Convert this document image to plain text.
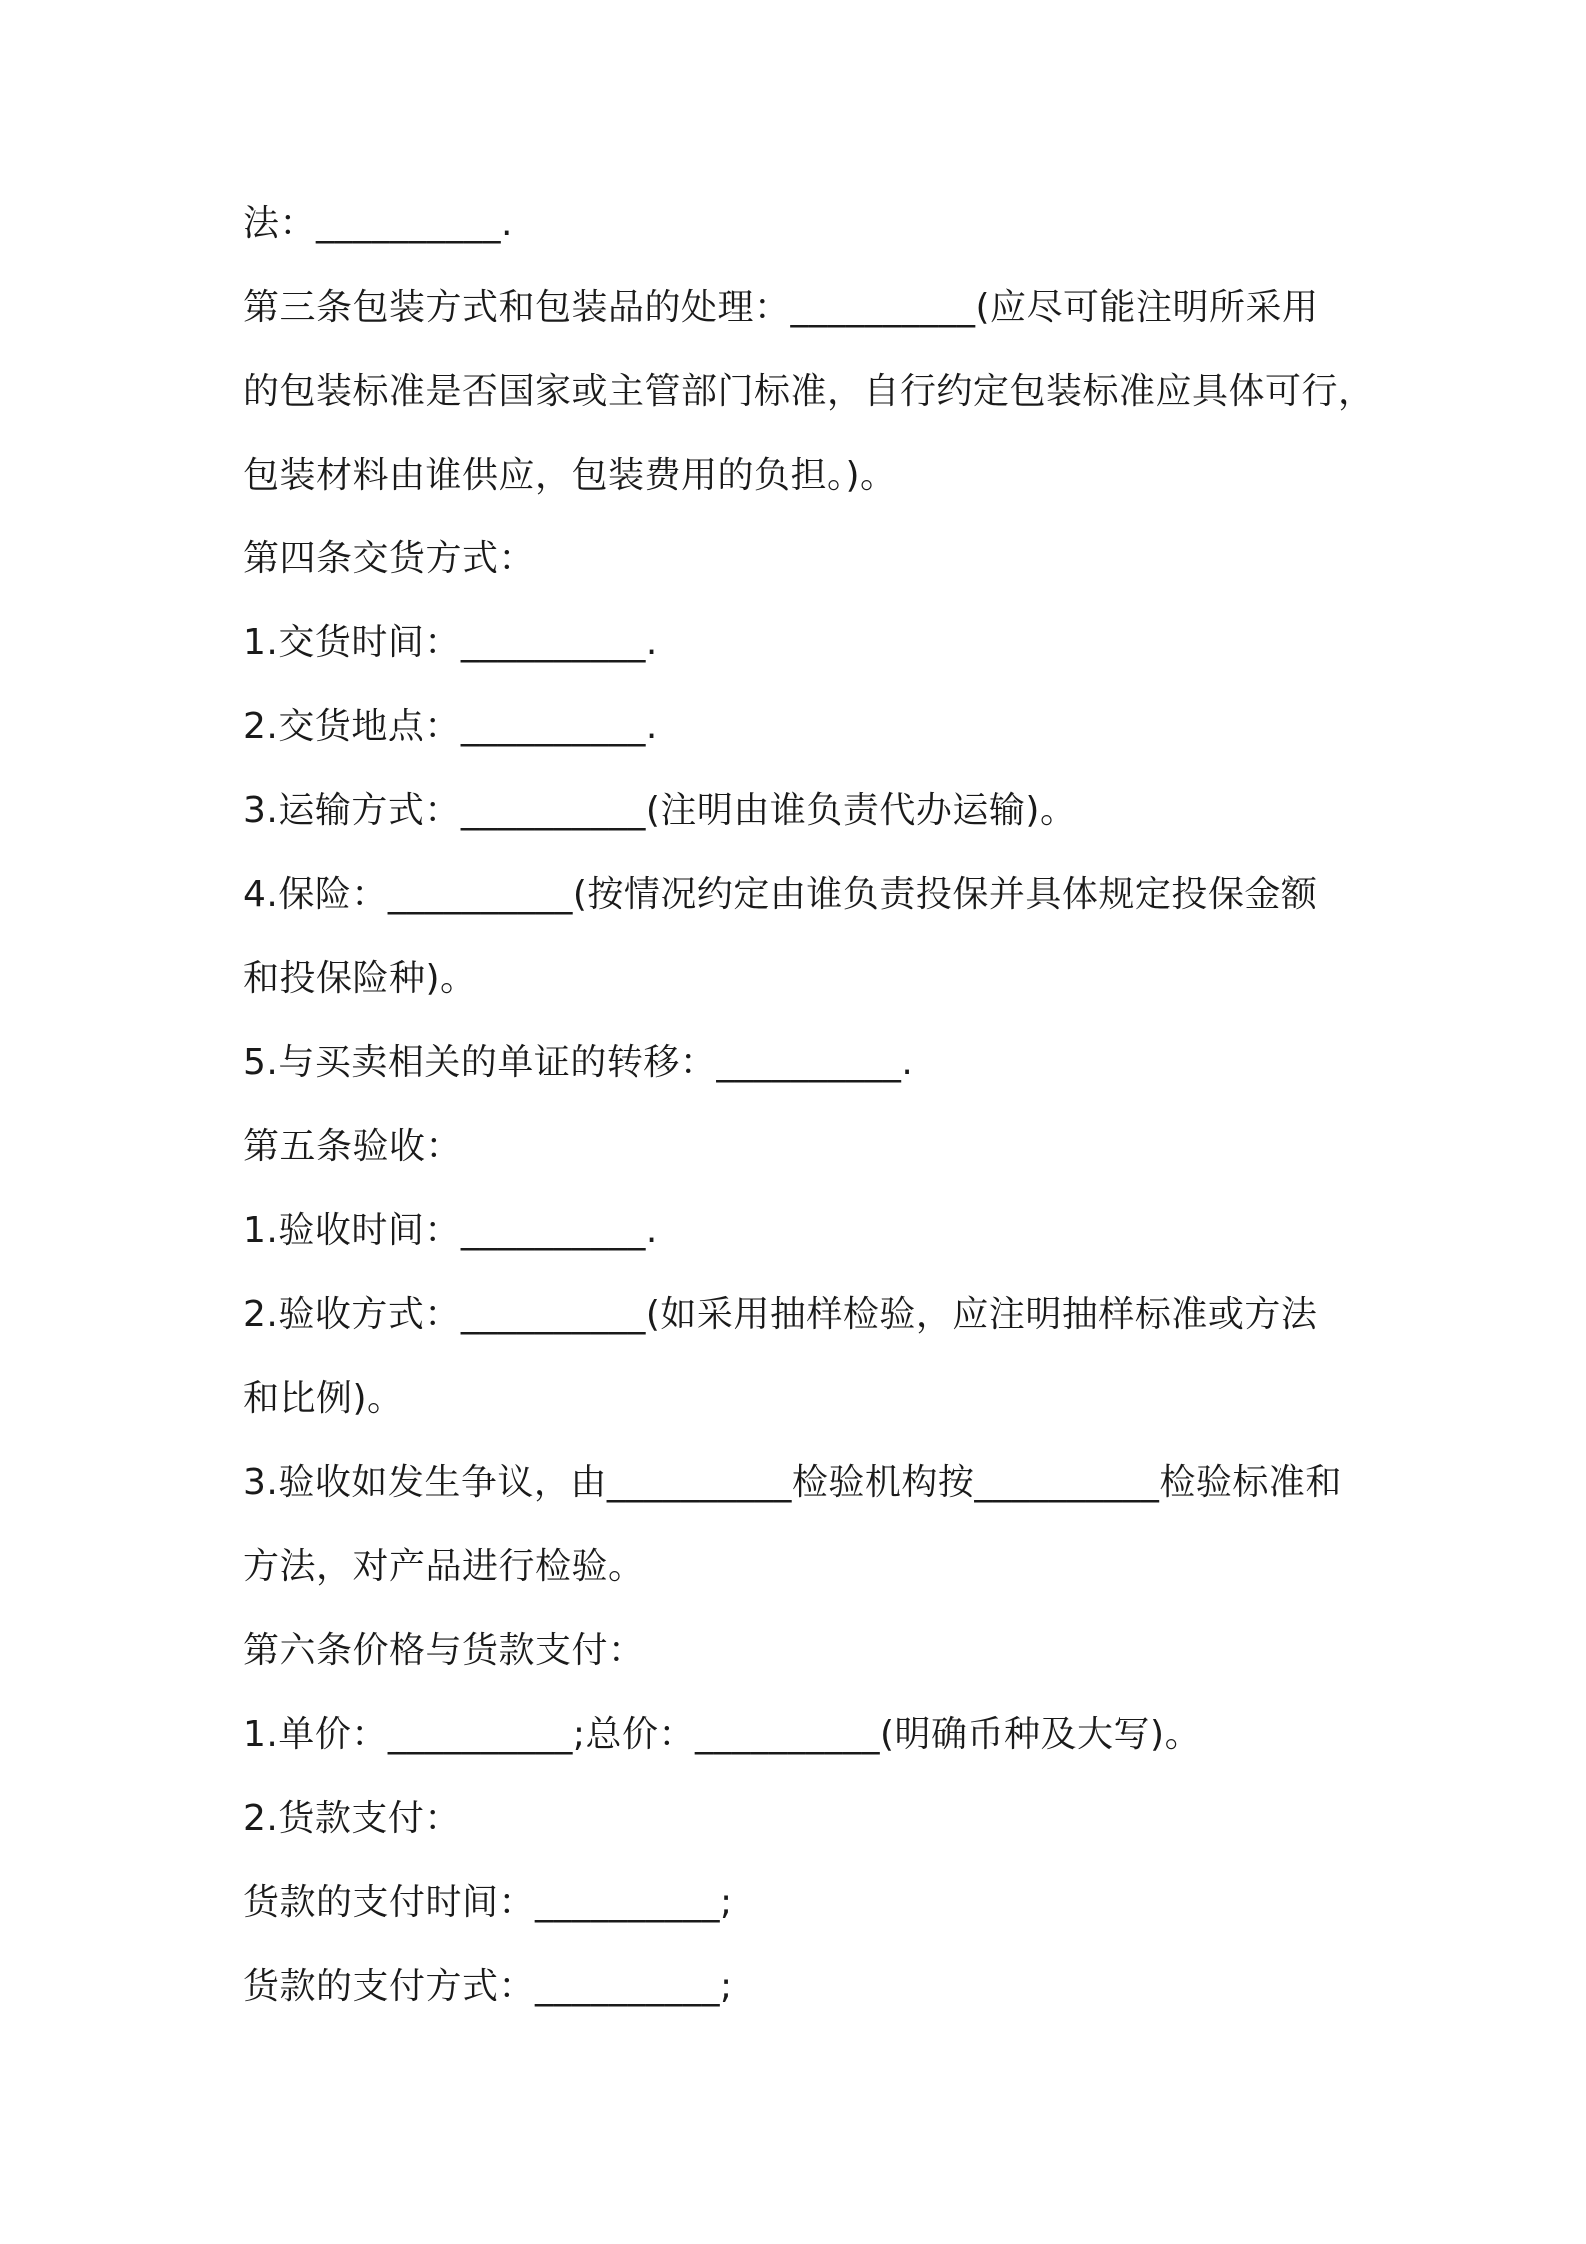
法：__________.
第三条包装方式和包装品的处理：__________(应尽可能注明所采用
的包装标准是否国家或主管部门标准，自行约定包装标准应具体可行，
包装材料由谁供应，包装费用的负担。)。
第四条交货方式：
1.交货时间：__________.
2.交货地点：__________.
3.运输方式：__________(注明由谁负责代办运输)。
4.保险：__________(按情况约定由谁负责投保并具体规定投保金额
和投保险种)。
5.与买卖相关的单证的转移：__________.
第五条验收：
1.验收时间：__________.
2.验收方式：__________(如采用抽样检验，应注明抽样标准或方法
和比例)。
3.验收如发生争议，由__________检验机构按__________检验标准和
方法，对产品进行检验。
第六条价格与货款支付：
1.单价：__________;总价：__________(明确币种及大写)。
2.货款支付：
货款的支付时间：__________;
货款的支付方式：__________;
